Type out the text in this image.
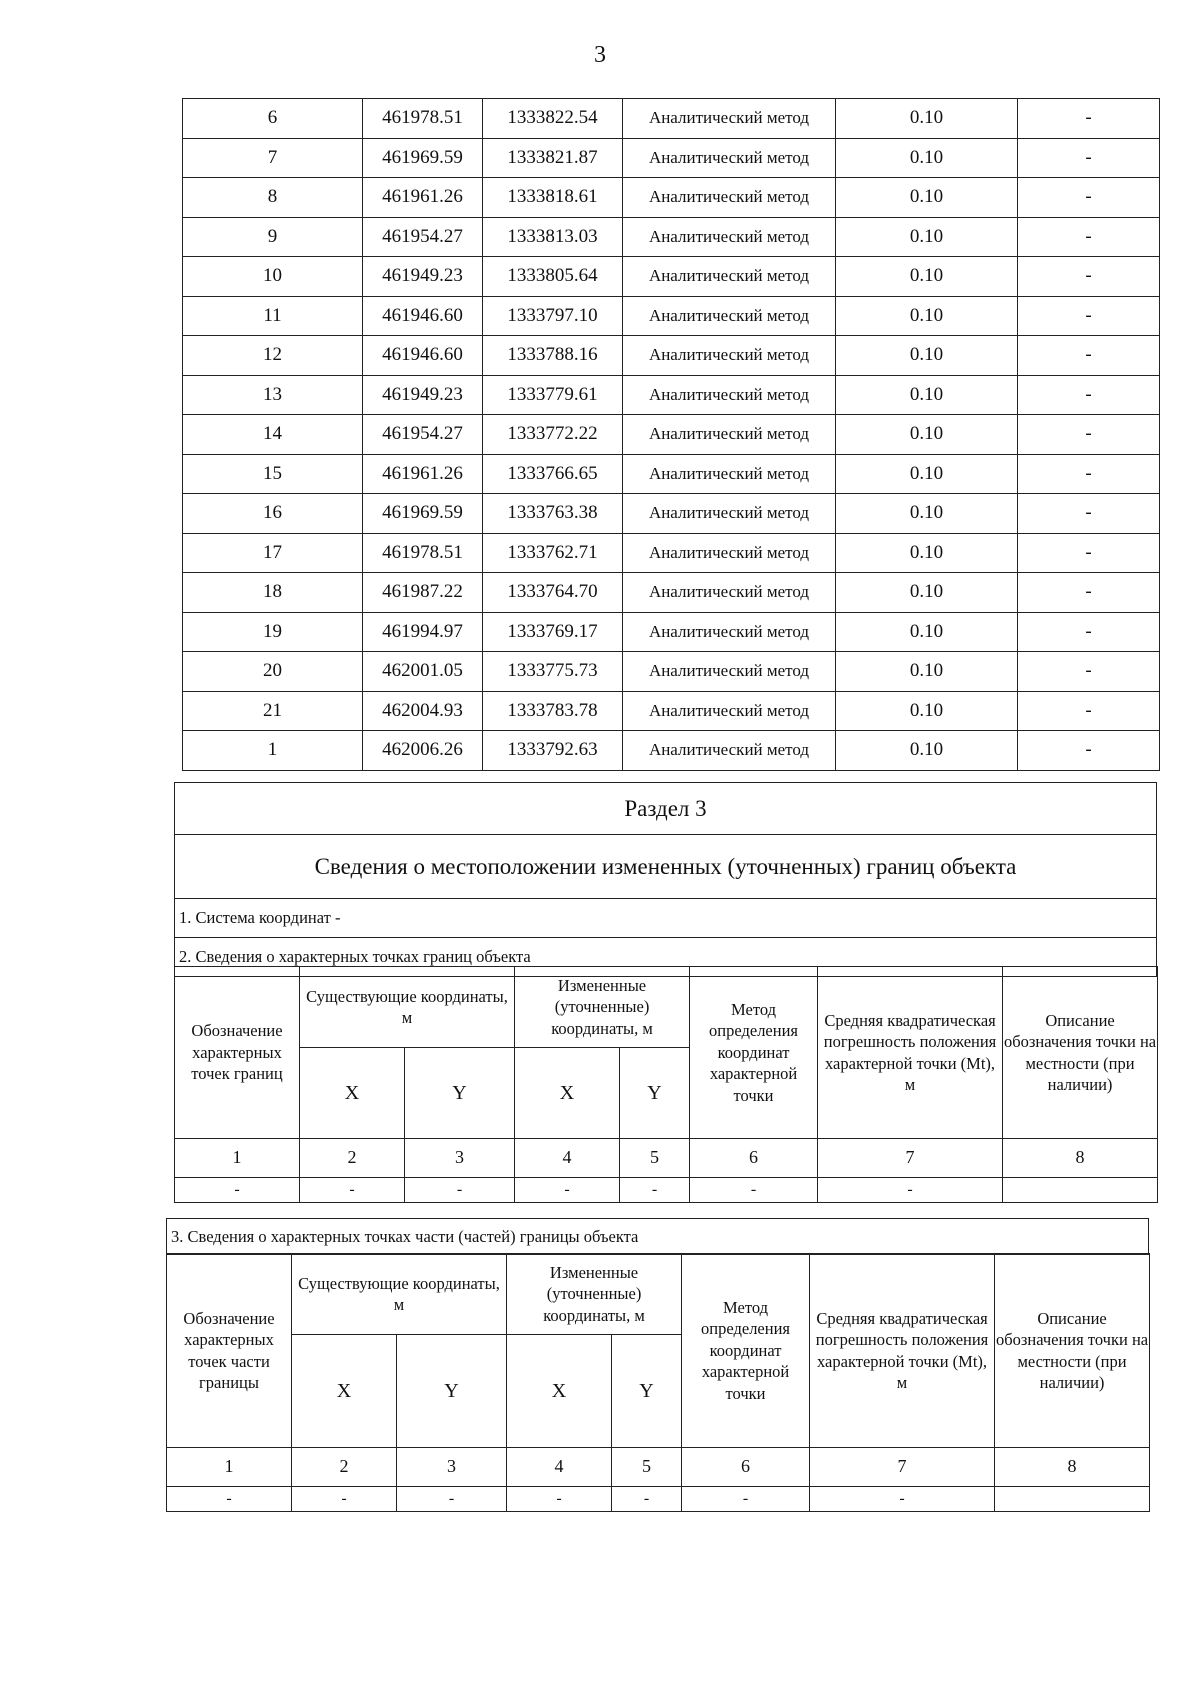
3
6	461978.51	1333822.54	Аналитический метод	0.10	-
7	461969.59	1333821.87	Аналитический метод	0.10	-
8	461961.26	1333818.61	Аналитический метод	0.10	-
9	461954.27	1333813.03	Аналитический метод	0.10	-
10	461949.23	1333805.64	Аналитический метод	0.10	-
11	461946.60	1333797.10	Аналитический метод	0.10	-
12	461946.60	1333788.16	Аналитический метод	0.10	-
13	461949.23	1333779.61	Аналитический метод	0.10	-
14	461954.27	1333772.22	Аналитический метод	0.10	-
15	461961.26	1333766.65	Аналитический метод	0.10	-
16	461969.59	1333763.38	Аналитический метод	0.10	-
17	461978.51	1333762.71	Аналитический метод	0.10	-
18	461987.22	1333764.70	Аналитический метод	0.10	-
19	461994.97	1333769.17	Аналитический метод	0.10	-
20	462001.05	1333775.73	Аналитический метод	0.10	-
21	462004.93	1333783.78	Аналитический метод	0.10	-
1	462006.26	1333792.63	Аналитический метод	0.10	-
Раздел 3
Сведения о местоположении измененных (уточненных) границ объекта
1. Система координат -
2. Сведения о характерных точках границ объекта
Обозначение характерных точек границ	Существующие координаты, м		Измененные (уточненные) координаты, м		Метод определения координат характерной точки	Средняя квадратическая погрешность положения характерной точки (Mt), м	Описание обозначения точки на местности (при наличии)
	X	Y	X	Y			
1	2	3	4	5	6	7	8
-	-	-	-	-	-	-	
3. Сведения о характерных точках части (частей) границы объекта
Обозначение характерных точек части границы	Существующие координаты, м		Измененные (уточненные) координаты, м		Метод определения координат характерной точки	Средняя квадратическая погрешность положения характерной точки (Mt), м	Описание обозначения точки на местности (при наличии)
	X	Y	X	Y			
1	2	3	4	5	6	7	8
-	-	-	-	-	-	-	
